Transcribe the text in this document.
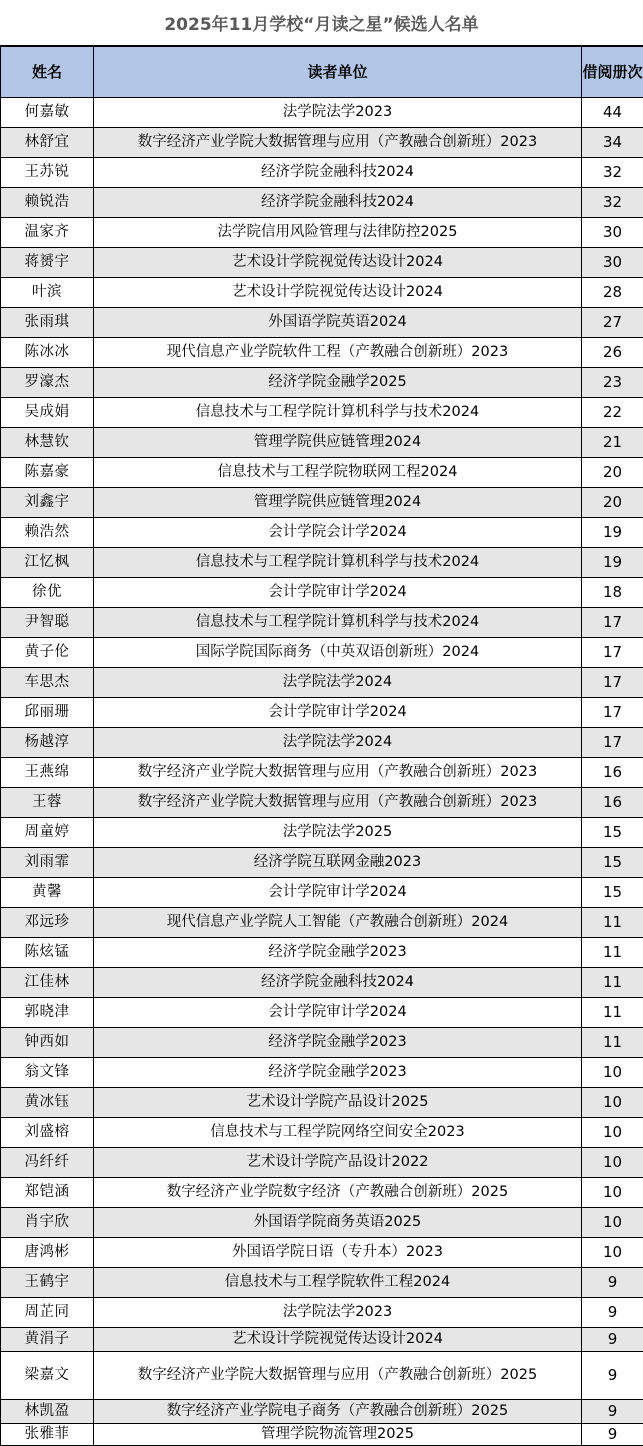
2025年11月学校“月读之星”候选人名单
姓名	读者单位	借阅册次
何嘉敏	法学院法学2023	44
林舒宜	数字经济产业学院大数据管理与应用（产教融合创新班）2023	34
王苏锐	经济学院金融科技2024	32
赖锐浩	经济学院金融科技2024	32
温家齐	法学院信用风险管理与法律防控2025	30
蒋赟宇	艺术设计学院视觉传达设计2024	30
叶滨	艺术设计学院视觉传达设计2024	28
张雨琪	外国语学院英语2024	27
陈冰冰	现代信息产业学院软件工程（产教融合创新班）2023	26
罗濠杰	经济学院金融学2025	23
吴成娟	信息技术与工程学院计算机科学与技术2024	22
林慧钦	管理学院供应链管理2024	21
陈嘉豪	信息技术与工程学院物联网工程2024	20
刘鑫宇	管理学院供应链管理2024	20
赖浩然	会计学院会计学2024	19
江忆枫	信息技术与工程学院计算机科学与技术2024	19
徐优	会计学院审计学2024	18
尹智聪	信息技术与工程学院计算机科学与技术2024	17
黄子伦	国际学院国际商务（中英双语创新班）2024	17
车思杰	法学院法学2024	17
邱丽珊	会计学院审计学2024	17
杨越淳	法学院法学2024	17
王燕绵	数字经济产业学院大数据管理与应用（产教融合创新班）2023	16
王蓉	数字经济产业学院大数据管理与应用（产教融合创新班）2023	16
周童婷	法学院法学2025	15
刘雨霏	经济学院互联网金融2023	15
黄馨	会计学院审计学2024	15
邓远珍	现代信息产业学院人工智能（产教融合创新班）2024	11
陈炫锰	经济学院金融学2023	11
江佳林	经济学院金融科技2024	11
郭晓津	会计学院审计学2024	11
钟西如	经济学院金融学2023	11
翁文锋	经济学院金融学2023	10
黄冰钰	艺术设计学院产品设计2025	10
刘盛榕	信息技术与工程学院网络空间安全2023	10
冯纤纤	艺术设计学院产品设计2022	10
郑铠涵	数字经济产业学院数字经济（产教融合创新班）2025	10
肖宇欣	外国语学院商务英语2025	10
唐鸿彬	外国语学院日语（专升本）2023	10
王鹤宇	信息技术与工程学院软件工程2024	9
周芷同	法学院法学2023	9
黄涓子	艺术设计学院视觉传达设计2024	9
梁嘉文	数字经济产业学院大数据管理与应用（产教融合创新班）2025	9
林凯盈	数字经济产业学院电子商务（产教融合创新班）2025	9
张雅菲	管理学院物流管理2025	9
